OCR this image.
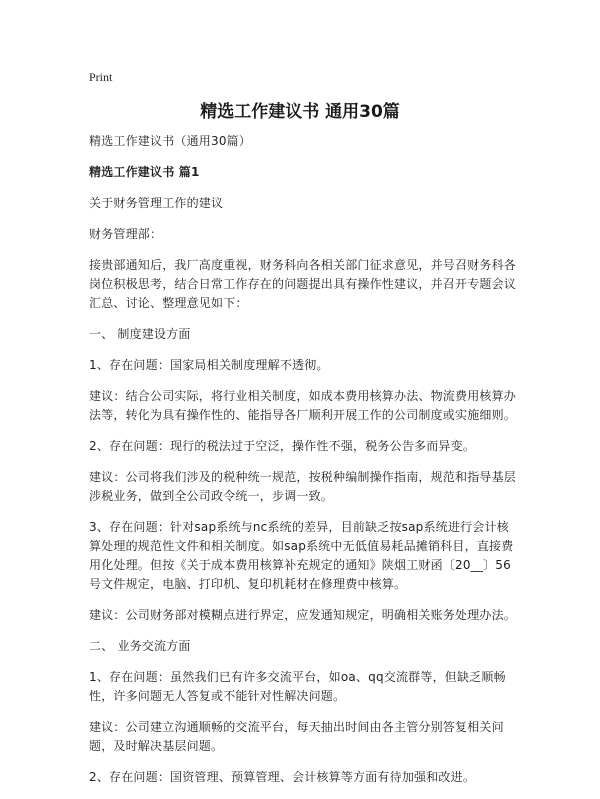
Print
精选工作建议书 通用30篇

精选工作建议书（通用30篇）

精选工作建议书 篇1

关于财务管理工作的建议

财务管理部：

接贵部通知后，我厂高度重视，财务科向各相关部门征求意见，并号召财务科各岗位积极思考，结合日常工作存在的问题提出具有操作性建议，并召开专题会议汇总、讨论、整理意见如下：

一、 制度建设方面

1、存在问题：国家局相关制度理解不透彻。

建议：结合公司实际，将行业相关制度，如成本费用核算办法、物流费用核算办法等，转化为具有操作性的、能指导各厂顺利开展工作的公司制度或实施细则。

2、存在问题：现行的税法过于空泛，操作性不强，税务公告多而异变。

建议：公司将我们涉及的税种统一规范，按税种编制操作指南，规范和指导基层涉税业务，做到全公司政令统一，步调一致。

3、存在问题：针对sap系统与nc系统的差异，目前缺乏按sap系统进行会计核算处理的规范性文件和相关制度。如sap系统中无低值易耗品摊销科目，直接费用化处理。但按《关于成本费用核算补充规定的通知》陕烟工财函〔20__〕56号文件规定，电脑、打印机、复印机耗材在修理费中核算。

建议：公司财务部对模糊点进行界定，应发通知规定，明确相关账务处理办法。

二、 业务交流方面

1、存在问题：虽然我们已有许多交流平台，如oa、qq交流群等，但缺乏顺畅性，许多问题无人答复或不能针对性解决问题。

建议：公司建立沟通顺畅的交流平台，每天抽出时间由各主管分别答复相关问题，及时解决基层问题。

2、存在问题：国资管理、预算管理、会计核算等方面有待加强和改进。
